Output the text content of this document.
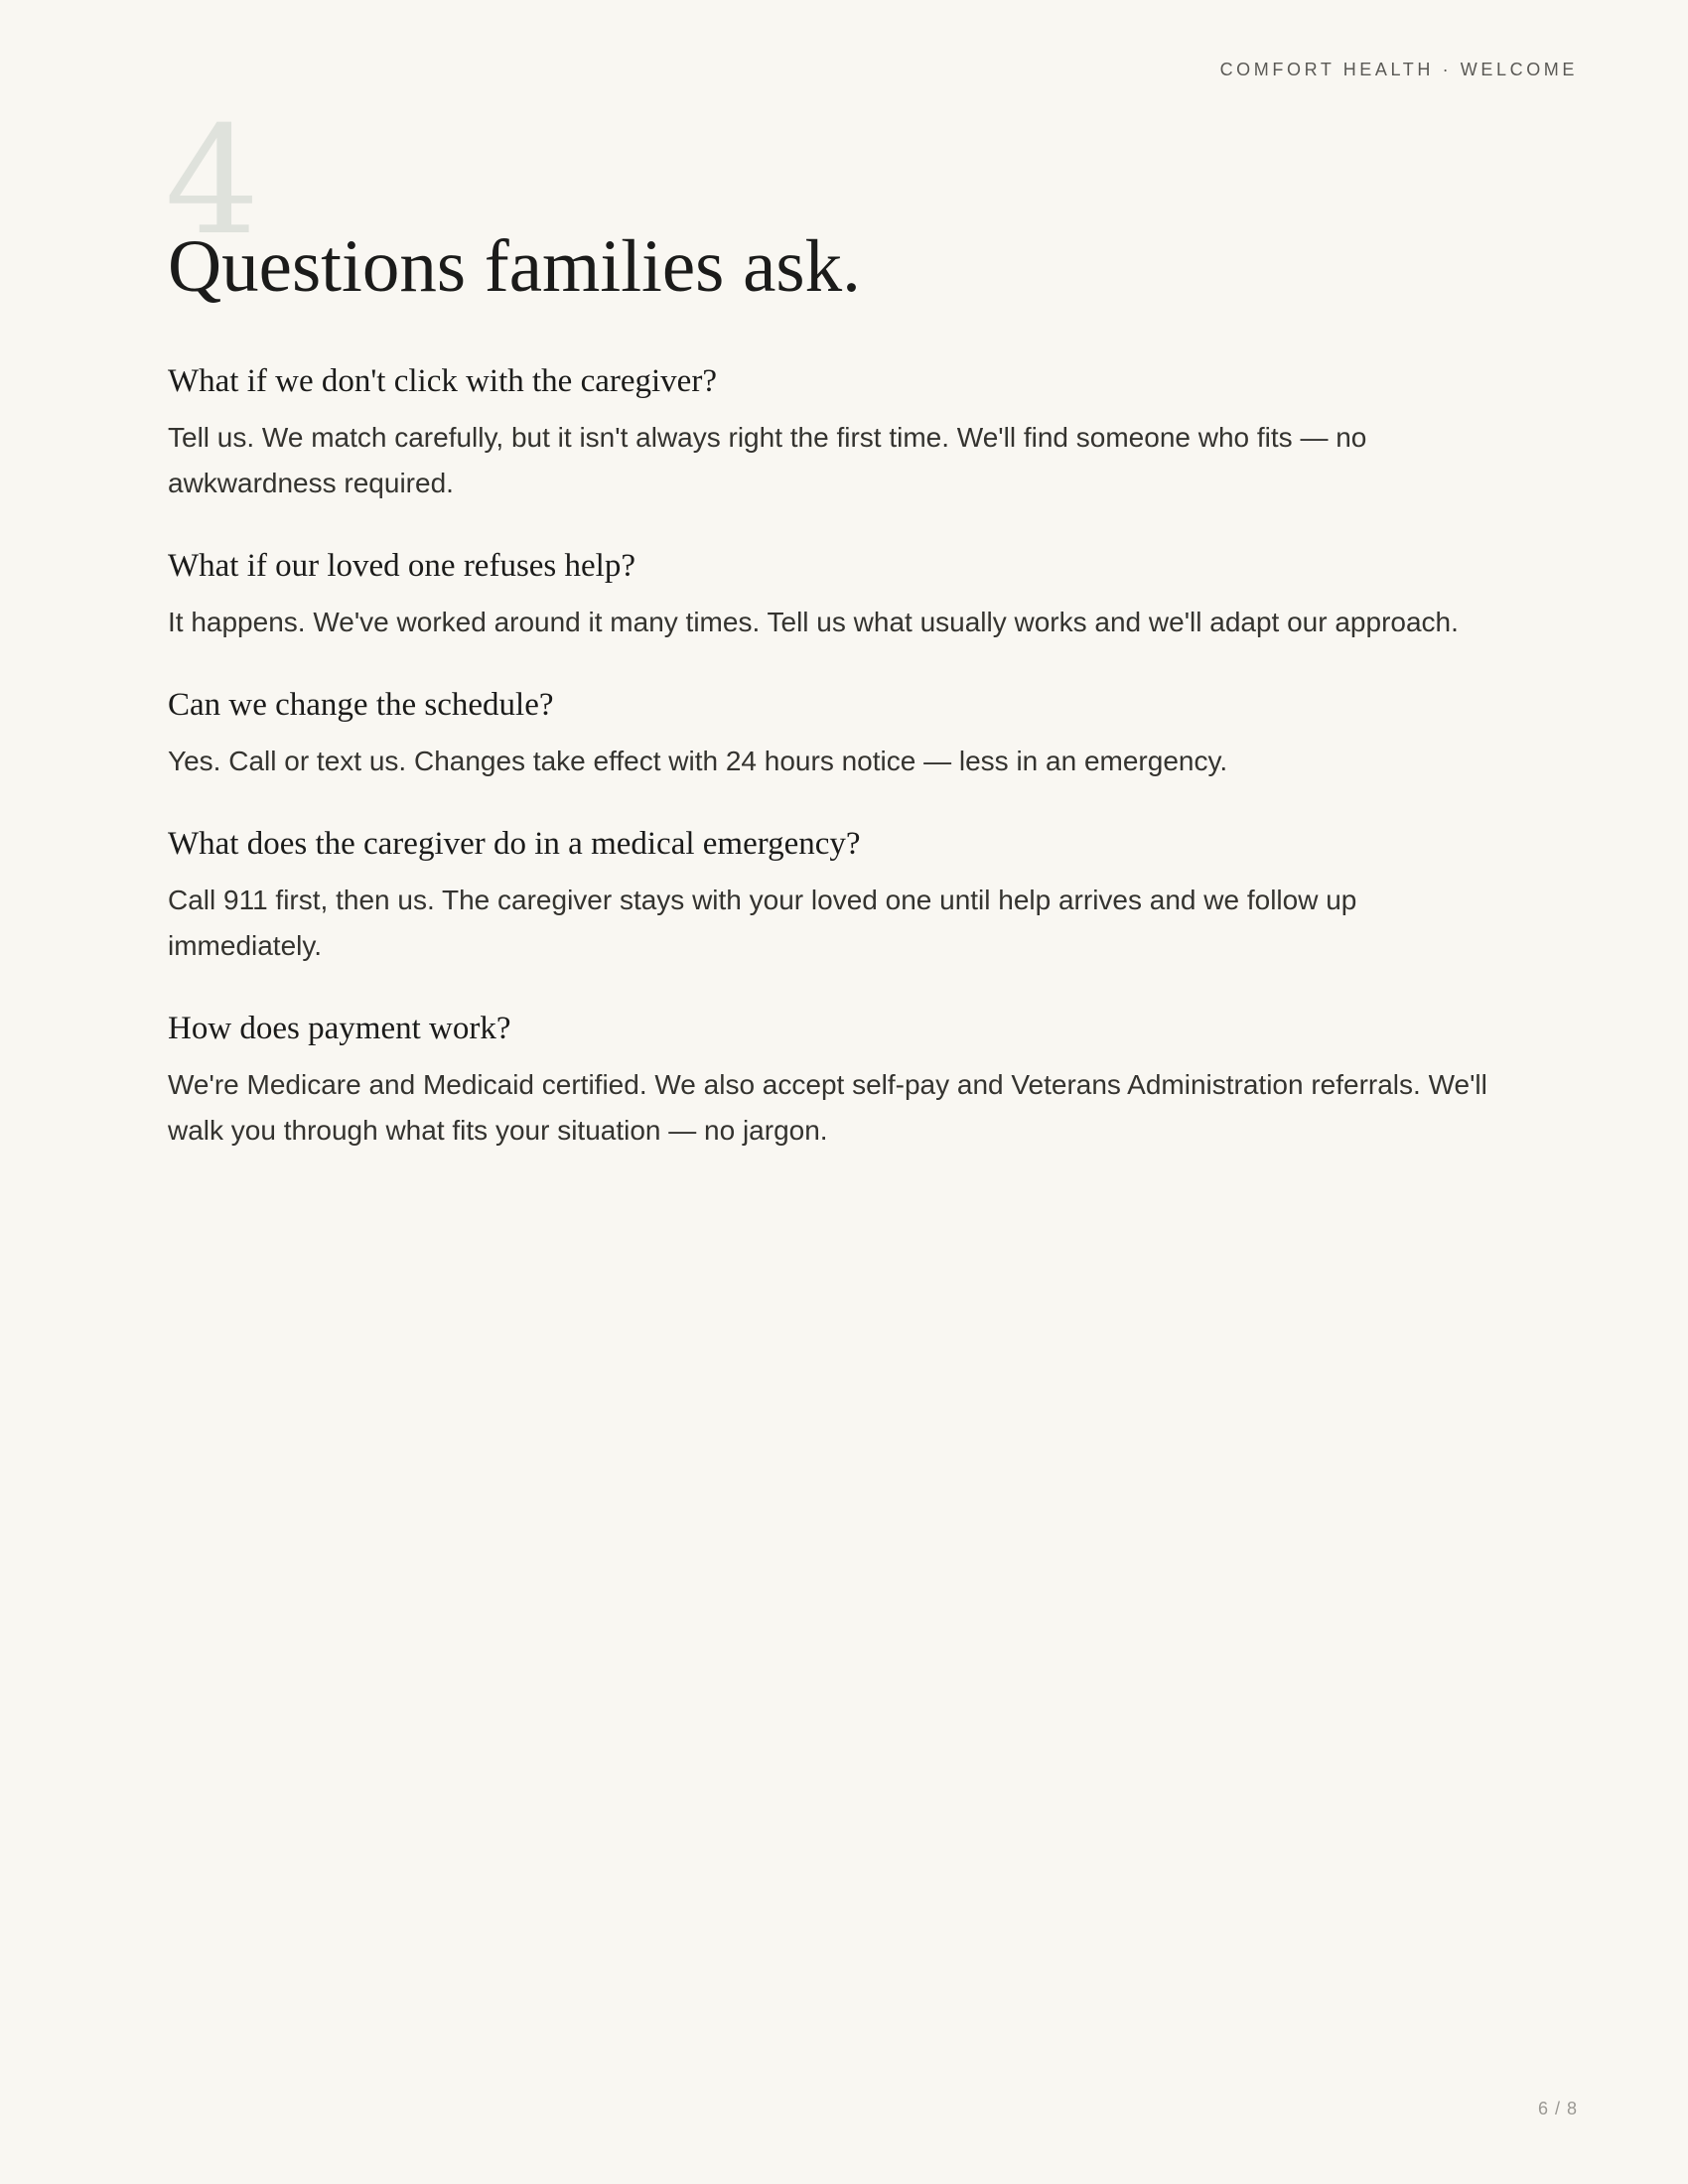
COMFORT HEALTH · WELCOME
4
Questions families ask.
What if we don't click with the caregiver?

Tell us. We match carefully, but it isn't always right the first time. We'll find someone who fits — no awkwardness required.

What if our loved one refuses help?

It happens. We've worked around it many times. Tell us what usually works and we'll adapt our approach.

Can we change the schedule?

Yes. Call or text us. Changes take effect with 24 hours notice — less in an emergency.

What does the caregiver do in a medical emergency?

Call 911 first, then us. The caregiver stays with your loved one until help arrives and we follow up immediately.

How does payment work?

We're Medicare and Medicaid certified. We also accept self-pay and Veterans Administration referrals. We'll walk you through what fits your situation — no jargon.

6 / 8
